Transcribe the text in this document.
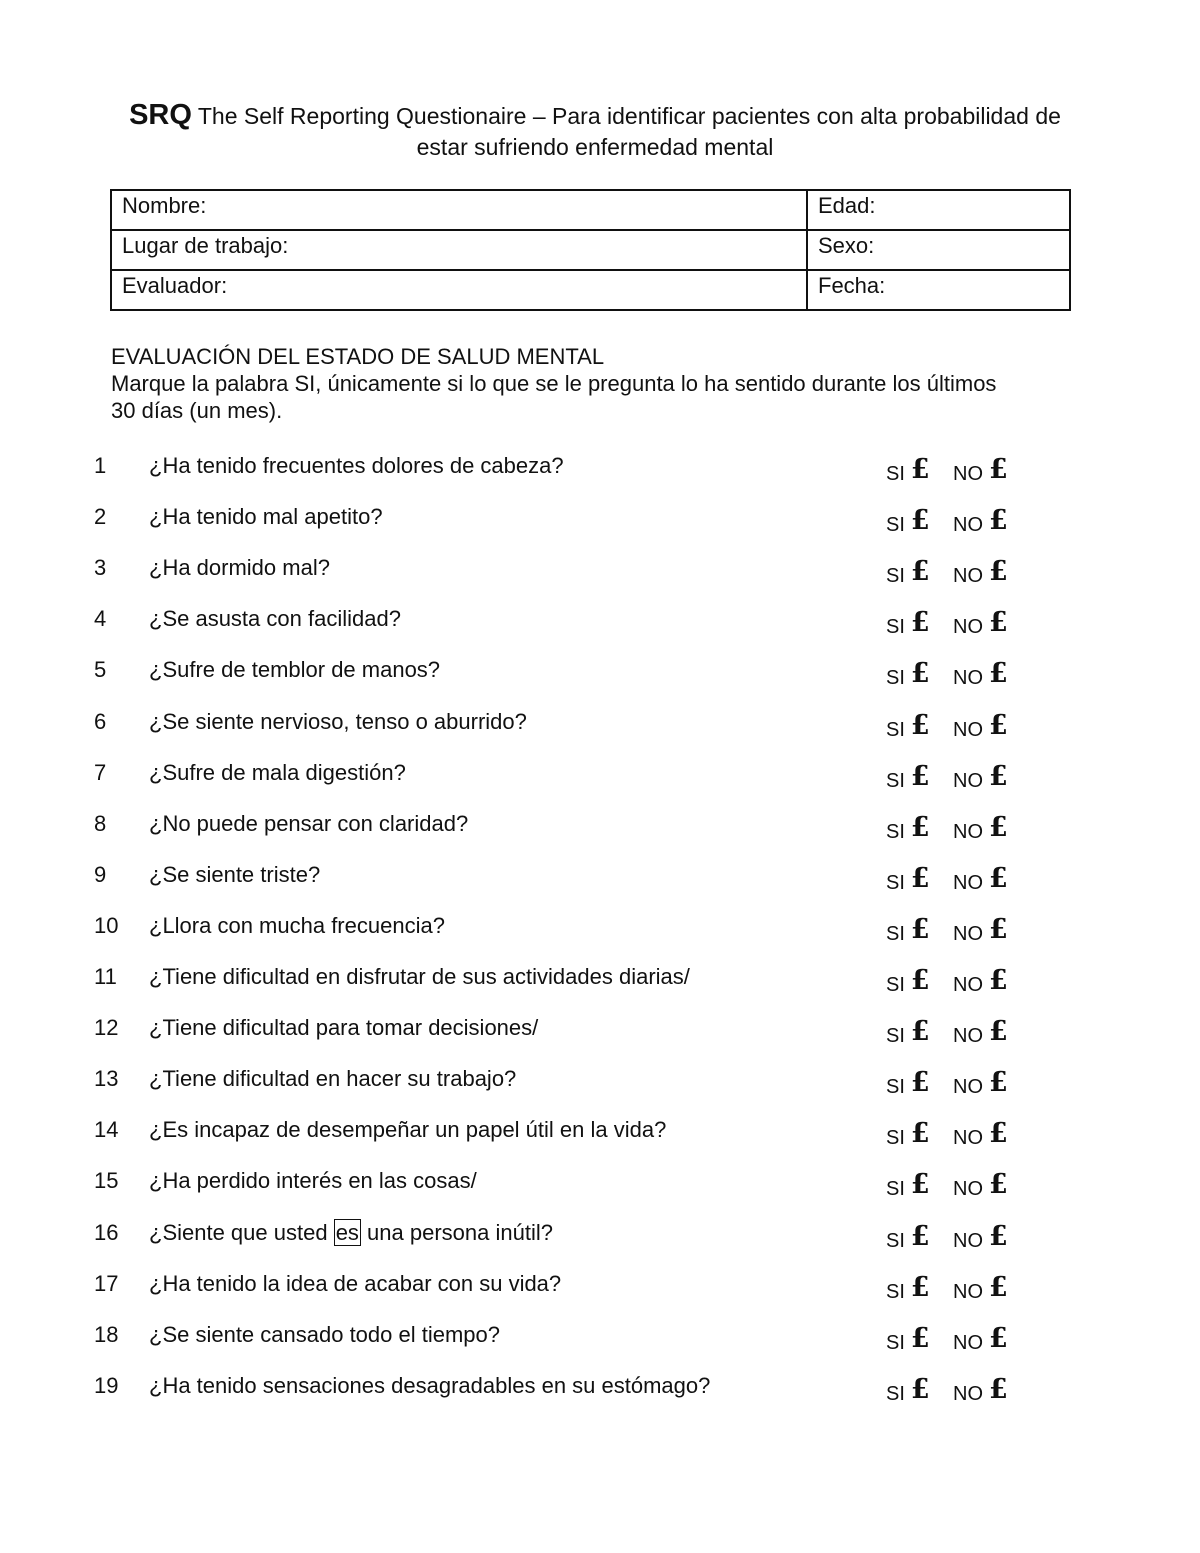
SRQ The Self Reporting Questionaire – Para identificar pacientes con alta probabilidad de
estar sufriendo enfermedad mental
Nombre:	Edad:
Lugar de trabajo:	Sexo:
Evaluador:	Fecha:
EVALUACIÓN DEL ESTADO DE SALUD MENTAL
Marque la palabra SI, únicamente si lo que se le pregunta lo ha sentido durante los últimos
30 días (un mes).
1 ¿Ha tenido frecuentes dolores de cabeza?	SI £ NO £
2 ¿Ha tenido mal apetito?	SI £ NO £
3 ¿Ha dormido mal?	SI £ NO £
4 ¿Se asusta con facilidad?	SI £ NO £
5 ¿Sufre de temblor de manos?	SI £ NO £
6 ¿Se siente nervioso, tenso o aburrido?	SI £ NO £
7 ¿Sufre de mala digestión?	SI £ NO £
8 ¿No puede pensar con claridad?	SI £ NO £
9 ¿Se siente triste?	SI £ NO £
10 ¿Llora con mucha frecuencia?	SI £ NO £
11 ¿Tiene dificultad en disfrutar de sus actividades diarias/	SI £ NO £
12 ¿Tiene dificultad para tomar decisiones/	SI £ NO £
13 ¿Tiene dificultad en hacer su trabajo?	SI £ NO £
14 ¿Es incapaz de desempeñar un papel útil en la vida?	SI £ NO £
15 ¿Ha perdido interés en las cosas/	SI £ NO £
16 ¿Siente que usted es una persona inútil?	SI £ NO £
17 ¿Ha tenido la idea de acabar con su vida?	SI £ NO £
18 ¿Se siente cansado todo el tiempo?	SI £ NO £
19 ¿Ha tenido sensaciones desagradables en su estómago?	SI £ NO £
